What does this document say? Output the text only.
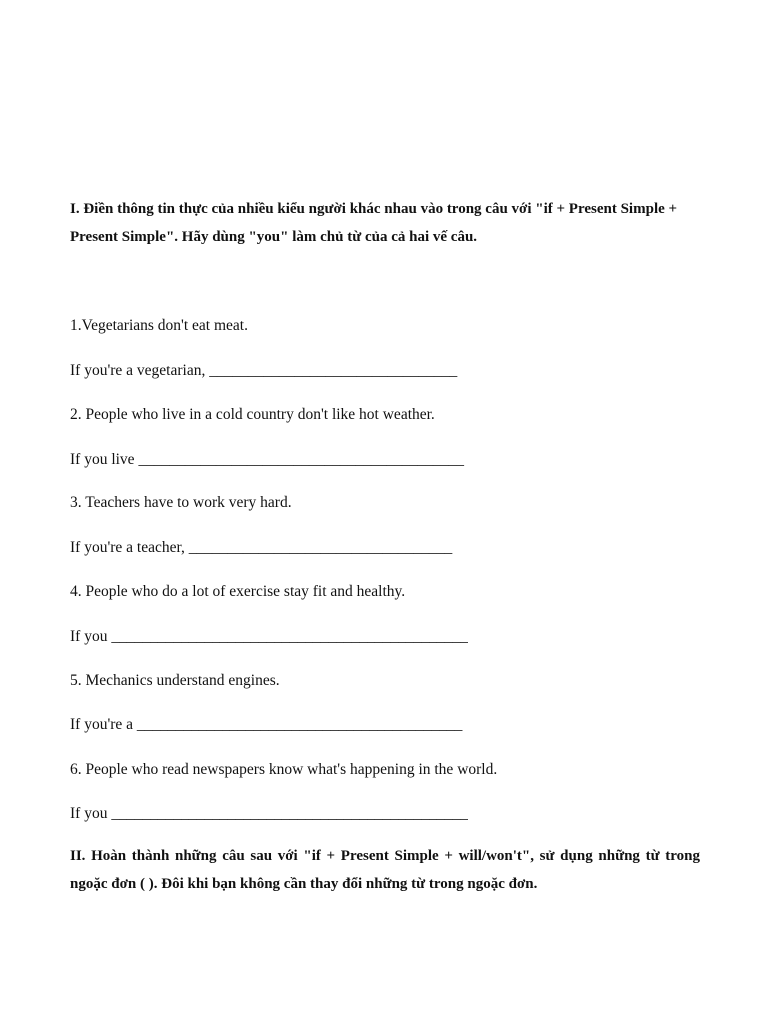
I. Điền thông tin thực của nhiều kiểu người khác nhau vào trong câu với "if + Present Simple + Present Simple". Hãy dùng "you" làm chủ từ của cả hai vế câu.
1.Vegetarians don't eat meat.
If you're a vegetarian, ________________________________
2. People who live in a cold country don't like hot weather.
If you live __________________________________________
3. Teachers have to work very hard.
If you're a teacher, __________________________________
4. People who do a lot of exercise stay fit and healthy.
If you ______________________________________________
5. Mechanics understand engines.
If you're a __________________________________________
6. People who read newspapers know what's happening in the world.
If you ______________________________________________
II. Hoàn thành những câu sau với "if + Present Simple + will/won't", sử dụng những từ trong ngoặc đơn ( ). Đôi khi bạn không cần thay đổi những từ trong ngoặc đơn.
